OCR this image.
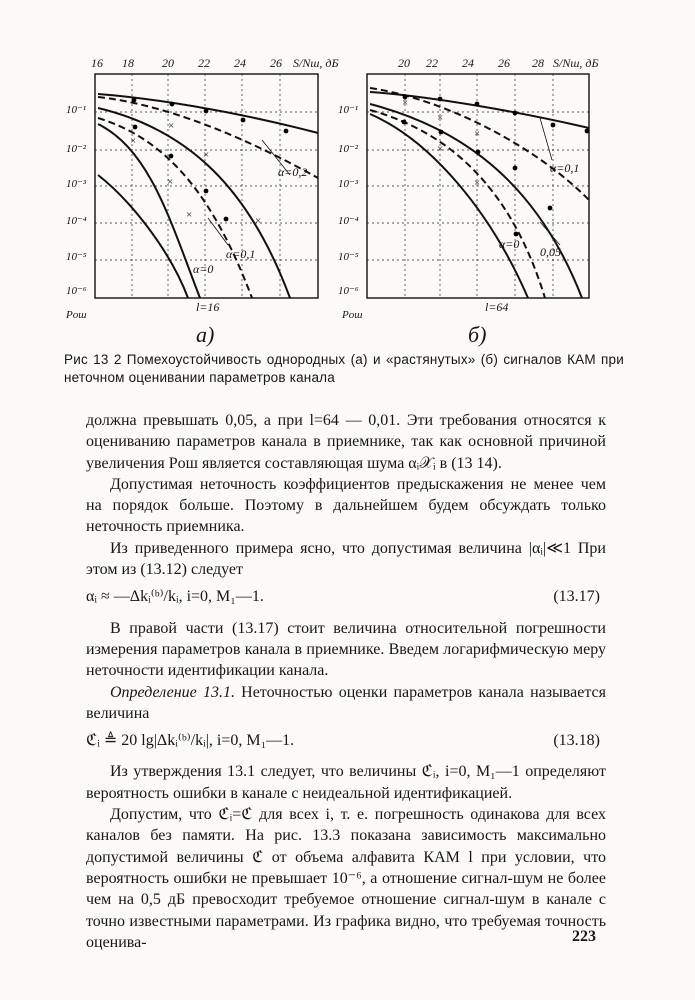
16 18 20 22 24 26 S/Nш, дБ
10⁻¹
10⁻²
10⁻³
10⁻⁴
10⁻⁵
10⁻⁶
Pош
×
×
×
×
×	×
α=0,2
α=0,1
α=0
l=16
а)
20 22 24 26 28 S/Nш, дБ
10⁻¹
10⁻²
10⁻³
10⁻⁴
10⁻⁵
10⁻⁶
Pош
×
×
×
×
×
α=0,1
α=0
0,05
l=64
б)
Рис 13 2 Помехоустойчивость однородных (а) и «растянутых» (б) сигналов КАМ при неточном оценивании параметров канала

должна превышать 0,05, а при l=64 — 0,01. Эти требования относятся к оцениванию параметров канала в приемнике, так как основной причиной увеличения Pош является составляющая шума αᵢ𝒳ᵢ в (13 14).

Допустимая неточность коэффициентов предыскажения не менее чем на порядок больше. Поэтому в дальнейшем будем обсуждать только неточность приемника.

Из приведенного примера ясно, что допустимая величина |αᵢ|≪1 При этом из (13.12) следует

αᵢ ≈ —Δkᵢ⁽ᵇ⁾/kᵢ, i=0, M₁—1.	(13.17)

В правой части (13.17) стоит величина относительной погрешности измерения параметров канала в приемнике. Введем логарифмическую меру неточности идентификации канала.

Определение 13.1. Неточностью оценки параметров канала называется величина

ℭᵢ ≜ 20 lg|Δkᵢ⁽ᵇ⁾/kᵢ|, i=0, M₁—1.	(13.18)

Из утверждения 13.1 следует, что величины ℭᵢ, i=0, M₁—1 определяют вероятность ошибки в канале с неидеальной идентификацией.

Допустим, что ℭᵢ=ℭ для всех i, т. е. погрешность одинакова для всех каналов без памяти. На рис. 13.3 показана зависимость максимально допустимой величины ℭ от объема алфавита КАМ l при условии, что вероятность ошибки не превышает 10⁻⁶, а отношение сигнал-шум не более чем на 0,5 дБ превосходит требуемое отношение сигнал-шум в канале с точно известными параметрами. Из графика видно, что требуемая точность оценива-	223
